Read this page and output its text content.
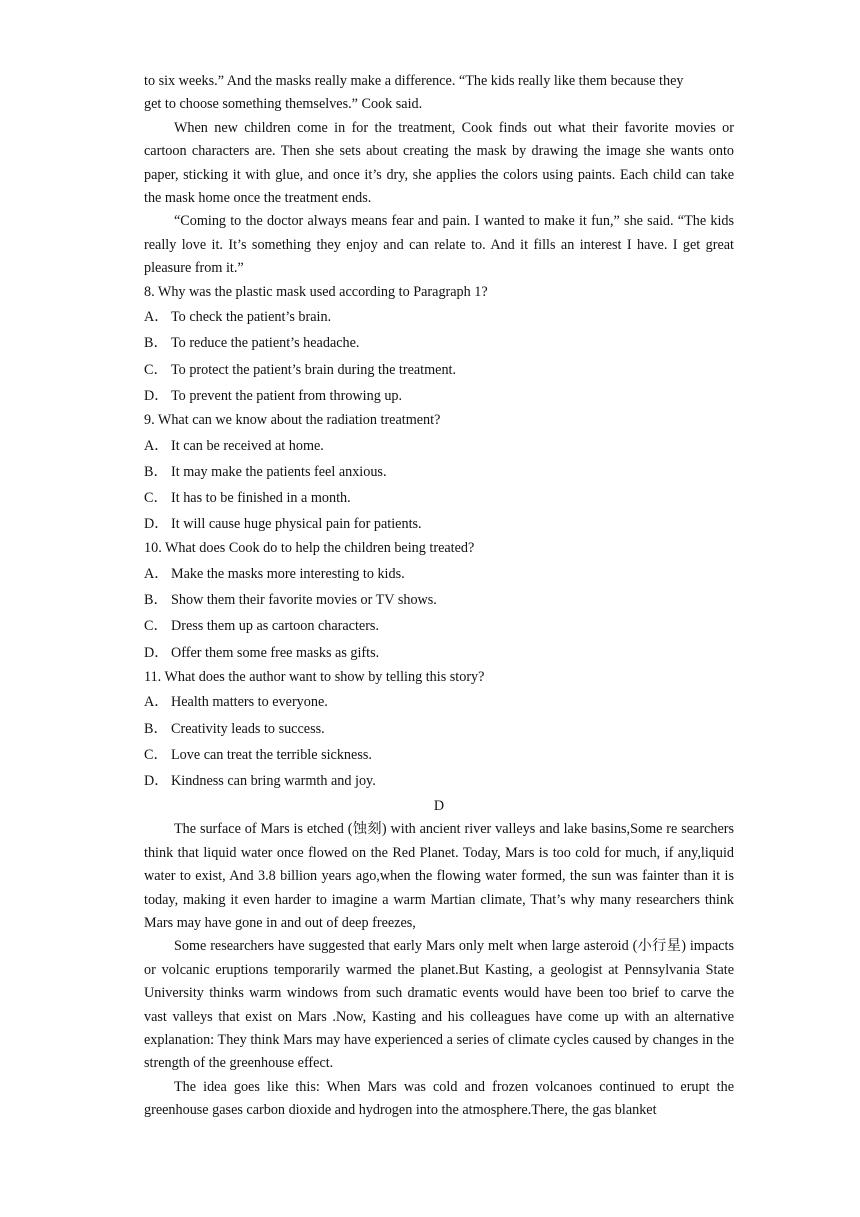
to six weeks.” And the masks really make a difference. “The kids really like them because they
get to choose something themselves.” Cook said.

When new children come in for the treatment, Cook finds out what their favorite movies or cartoon characters are. Then she sets about creating the mask by drawing the image she wants onto paper, sticking it with glue, and once it’s dry, she applies the colors using paints. Each child can take the mask home once the treatment ends.

“Coming to the doctor always means fear and pain. I wanted to make it fun,” she said. “The kids really love it. It’s something they enjoy and can relate to. And it fills an interest I have. I get great pleasure from it.”

8. Why was the plastic mask used according to Paragraph 1?

A． To check the patient’s brain.

B． To reduce the patient’s headache.

C． To protect the patient’s brain during the treatment.

D． To prevent the patient from throwing up.

9. What can we know about the radiation treatment?

A． It can be received at home.

B． It may make the patients feel anxious.

C． It has to be finished in a month.

D． It will cause huge physical pain for patients.

10. What does Cook do to help the children being treated?

A． Make the masks more interesting to kids.

B． Show them their favorite movies or TV shows.

C． Dress them up as cartoon characters.

D． Offer them some free masks as gifts.

11. What does the author want to show by telling this story?

A． Health matters to everyone.

B． Creativity leads to success.

C． Love can treat the terrible sickness.

D． Kindness can bring warmth and joy.

D

The surface of Mars is etched (蚀刻) with ancient river valleys and lake basins,Some re searchers think that liquid water once flowed on the Red Planet. Today, Mars is too cold for much, if any,liquid water to exist, And 3.8 billion years ago,when the flowing water formed, the sun was fainter than it is today, making it even harder to imagine a warm Martian climate, That’s why many researchers think Mars may have gone in and out of deep freezes,

Some researchers have suggested that early Mars only melt when large asteroid (小行星) impacts or volcanic eruptions temporarily warmed the planet.But Kasting, a geologist at Pennsylvania State University thinks warm windows from such dramatic events would have been too brief to carve the vast valleys that exist on Mars .Now, Kasting and his colleagues have come up with an alternative explanation: They think Mars may have experienced a series of climate cycles caused by changes in the strength of the greenhouse effect.

The idea goes like this: When Mars was cold and frozen volcanoes continued to erupt the greenhouse gases carbon dioxide and hydrogen into the atmosphere.There, the gas blanket
